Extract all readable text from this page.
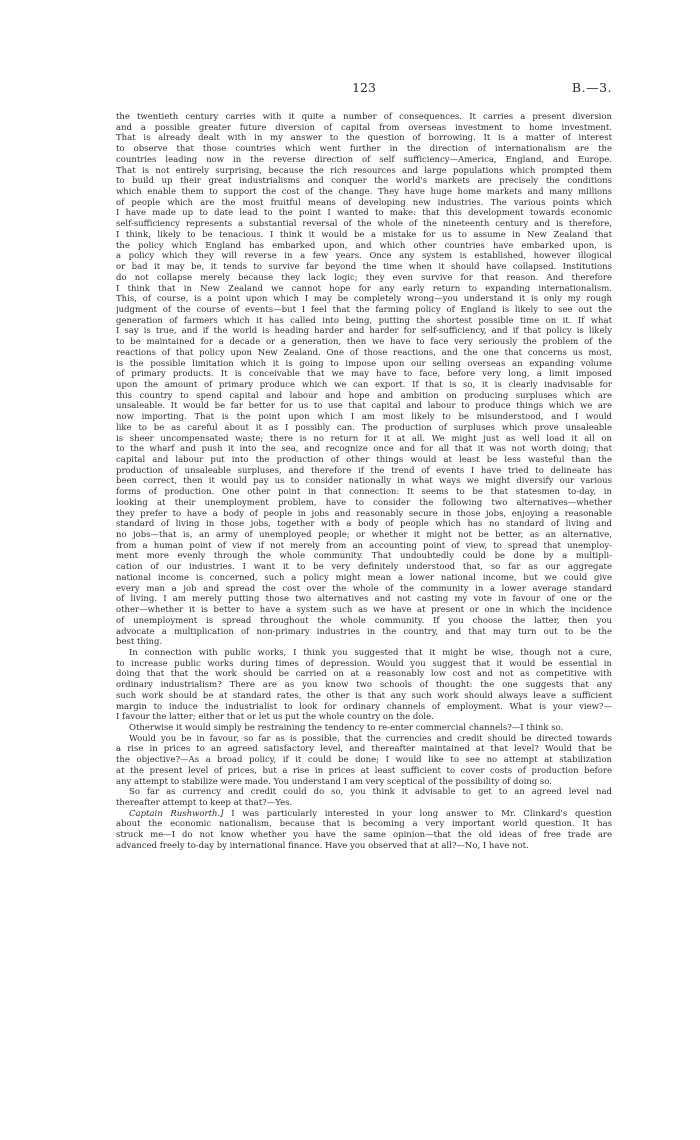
123	B.—3.
the twentieth century carries with it quite a number of consequences. It carries a present diversion
and a possible greater future diversion of capital from overseas investment to home investment.
That is already dealt with in my answer to the question of borrowing. It is a matter of interest
to observe that those countries which went further in the direction of internationalism are the
countries leading now in the reverse direction of self sufficiency—America, England, and Europe.
That is not entirely surprising, because the rich resources and large populations which prompted them
to build up their great industrialisms and conquer the world's markets are precisely the conditions
which enable them to support the cost of the change. They have huge home markets and many millions
of people which are the most fruitful means of developing new industries. The various points which
I have made up to date lead to the point I wanted to make: that this development towards economic
self-sufficiency represents a substantial reversal of the whole of the nineteenth century and is therefore,
I think, likely to be tenacious. I think it would be a mistake for us to assume in New Zealand that
the policy which England has embarked upon, and which other countries have embarked upon, is
a policy which they will reverse in a few years. Once any system is established, however illogical
or bad it may be, it tends to survive far beyond the time when it should have collapsed. Institutions
do not collapse merely because they lack logic; they even survive for that reason. And therefore
I think that in New Zealand we cannot hope for any early return to expanding internationalism.
This, of course, is a point upon which I may be completely wrong—you understand it is only my rough
judgment of the course of events—but I feel that the farming policy of England is likely to see out the
generation of farmers which it has called into being, putting the shortest possible time on it. If what
I say is true, and if the world is heading harder and harder for self-sufficiency, and if that policy is likely
to be maintained for a decade or a generation, then we have to face very seriously the problem of the
reactions of that policy upon New Zealand. One of those reactions, and the one that concerns us most,
is the possible limitation which it is going to impose upon our selling overseas an expanding volume
of primary products. It is conceivable that we may have to face, before very long, a limit imposed
upon the amount of primary produce which we can export. If that is so, it is clearly inadvisable for
this country to spend capital and labour and hope and ambition on producing surpluses which are
unsaleable. It would be far better for us to use that capital and labour to produce things which we are
now importing. That is the point upon which I am most likely to be misunderstood, and I would
like to be as careful about it as I possibly can. The production of surpluses which prove unsaleable
is sheer uncompensated waste; there is no return for it at all. We might just as well load it all on
to the wharf and push it into the sea, and recognize once and for all that it was not worth doing; that
capital and labour put into the production of other things would at least be less wasteful than the
production of unsaleable surpluses, and therefore if the trend of events I have tried to delineate has
been correct, then it would pay us to consider nationally in what ways we might diversify our various
forms of production. One other point in that connection: It seems to be that statesmen to-day, in
looking at their unemployment problem, have to consider the following two alternatives—whether
they prefer to have a body of people in jobs and reasonably secure in those jobs, enjoying a reasonable
standard of living in those jobs, together with a body of people which has no standard of living and
no jobs—that is, an army of unemployed people; or whether it might not be better, as an alternative,
from a human point of view if not merely from an accounting point of view, to spread that unemploy-
ment more evenly through the whole community. That undoubtedly could be done by a multipli-
cation of our industries. I want it to be very definitely understood that, so far as our aggregate
national income is concerned, such a policy might mean a lower national income, but we could give
every man a job and spread the cost over the whole of the community in a lower average standard
of living. I am merely putting those two alternatives and not casting my vote in favour of one or the
other—whether it is better to have a system such as we have at present or one in which the incidence
of unemployment is spread throughout the whole community. If you choose the latter, then you
advocate a multiplication of non-primary industries in the country, and that may turn out to be the
best thing.
In connection with public works, I think you suggested that it might be wise, though not a cure,
to increase public works during times of depression. Would you suggest that it would be essential in
doing that that the work should be carried on at a reasonably low cost and not as competitive with
ordinary industrialism? There are as you know two schools of thought: the one suggests that any
such work should be at standard rates, the other is that any such work should always leave a sufficient
margin to induce the industrialist to look for ordinary channels of employment. What is your view?—
I favour the latter; either that or let us put the whole country on the dole.
Otherwise it would simply be restraining the tendency to re-enter commercial channels?—I think so.
Would you be in favour, so far as is possible, that the currencies and credit should be directed towards
a rise in prices to an agreed satisfactory level, and thereafter maintained at that level? Would that be
the objective?—As a broad policy, if it could be done; I would like to see no attempt at stabilization
at the present level of prices, but a rise in prices at least sufficient to cover costs of production before
any attempt to stabilize were made. You understand I am very sceptical of the possibility of doing so.
So far as currency and credit could do so, you think it advisable to get to an agreed level nad
thereafter attempt to keep at that?—Yes.
Captain Rushworth.] I was particularly interested in your long answer to Mr. Clinkard's question
about the economic nationalism, because that is becoming a very important world question. It has
struck me—I do not know whether you have the same opinion—that the old ideas of free trade are
advanced freely to-day by international finance. Have you observed that at all?—No, I have not.
